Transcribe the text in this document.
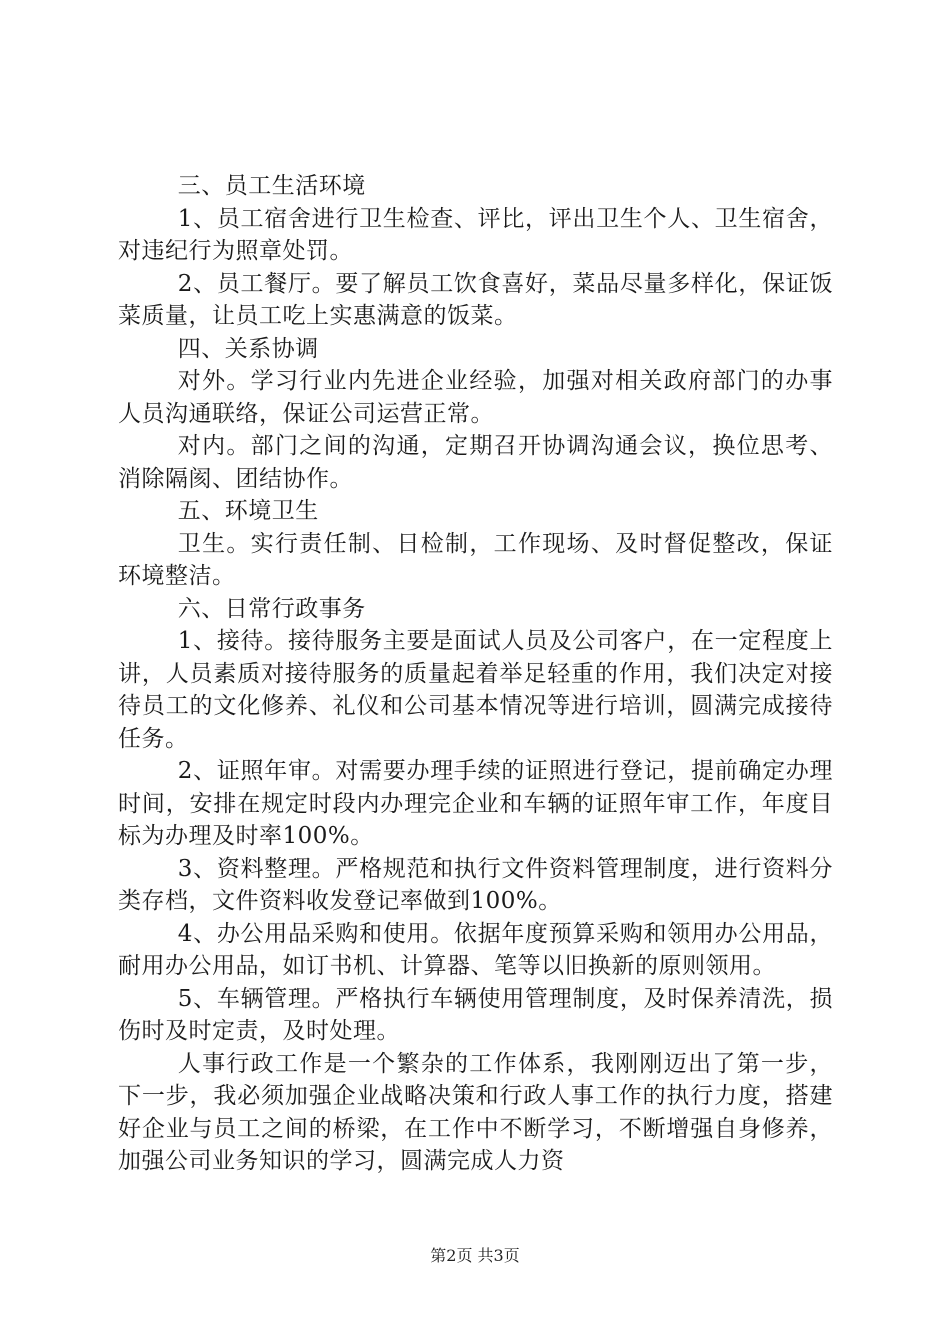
三、员工生活环境

1、员工宿舍进行卫生检查、评比，评出卫生个人、卫生宿舍，对违纪行为照章处罚。

2、员工餐厅。要了解员工饮食喜好，菜品尽量多样化，保证饭菜质量，让员工吃上实惠满意的饭菜。

四、关系协调

对外。学习行业内先进企业经验，加强对相关政府部门的办事人员沟通联络，保证公司运营正常。

对内。部门之间的沟通，定期召开协调沟通会议，换位思考、消除隔阂、团结协作。

五、环境卫生

卫生。实行责任制、日检制，工作现场、及时督促整改，保证环境整洁。

六、日常行政事务

1、接待。接待服务主要是面试人员及公司客户，在一定程度上讲，人员素质对接待服务的质量起着举足轻重的作用，我们决定对接待员工的文化修养、礼仪和公司基本情况等进行培训，圆满完成接待任务。

2、证照年审。对需要办理手续的证照进行登记，提前确定办理时间，安排在规定时段内办理完企业和车辆的证照年审工作，年度目标为办理及时率100%。

3、资料整理。严格规范和执行文件资料管理制度，进行资料分类存档，文件资料收发登记率做到100%。

4、办公用品采购和使用。依据年度预算采购和领用办公用品，耐用办公用品，如订书机、计算器、笔等以旧换新的原则领用。

5、车辆管理。严格执行车辆使用管理制度，及时保养清洗，损伤时及时定责，及时处理。

人事行政工作是一个繁杂的工作体系，我刚刚迈出了第一步，下一步，我必须加强企业战略决策和行政人事工作的执行力度，搭建好企业与员工之间的桥梁，在工作中不断学习，不断增强自身修养，加强公司业务知识的学习，圆满完成人力资

第2页 共3页
